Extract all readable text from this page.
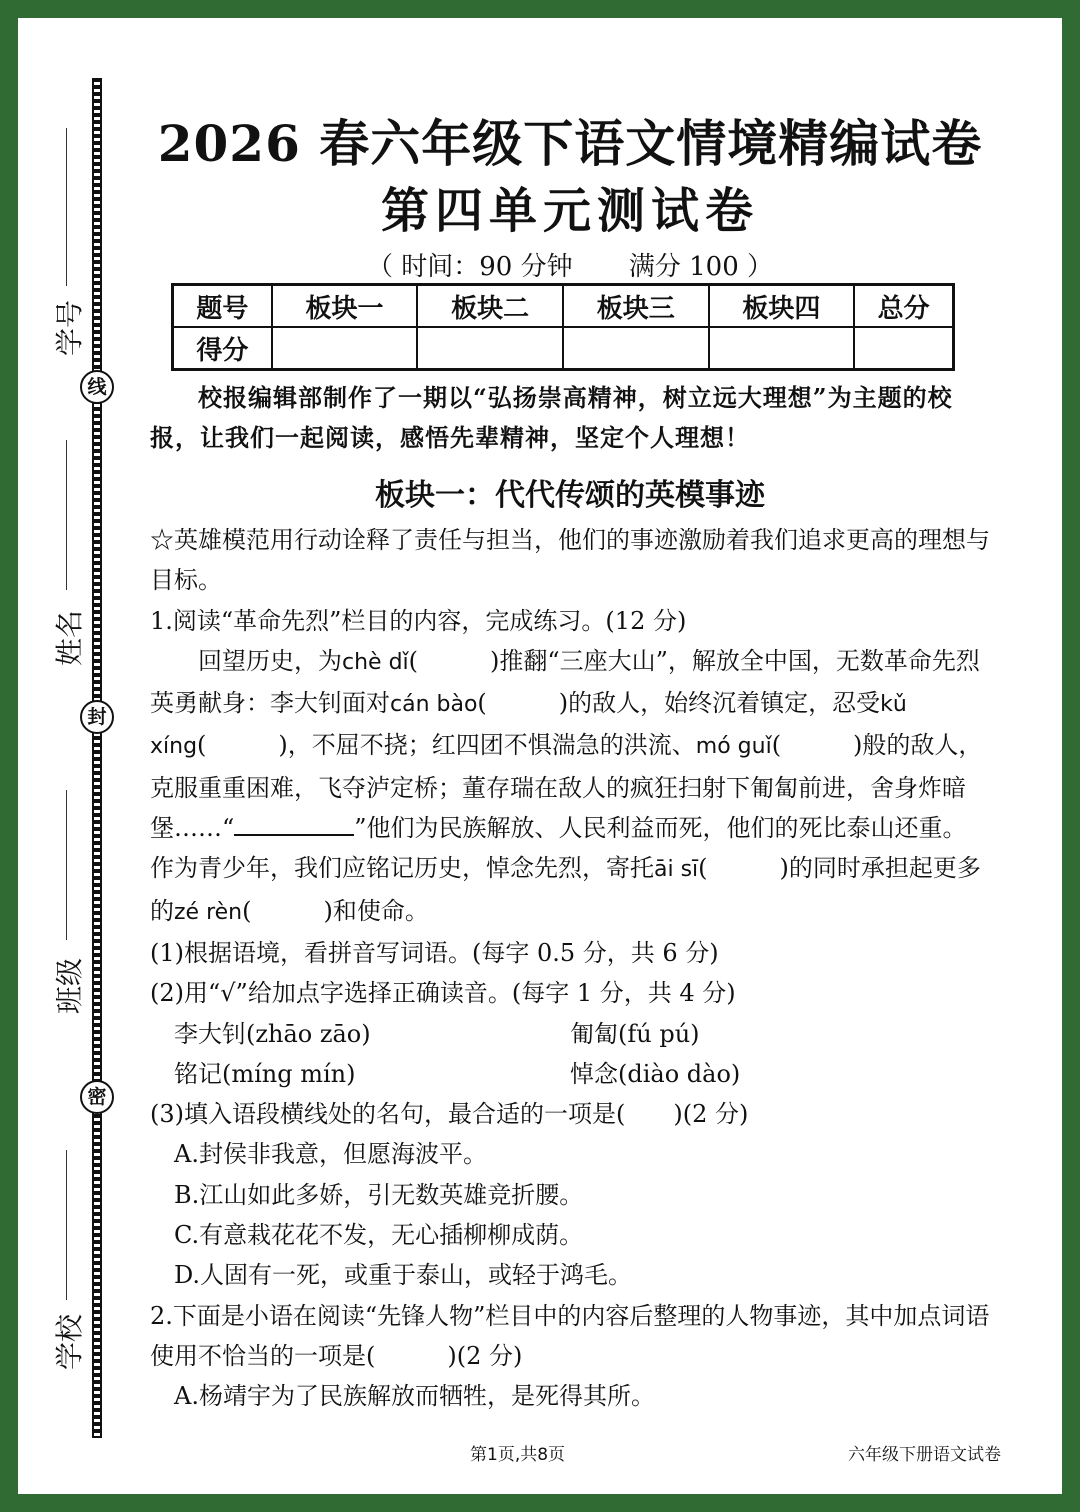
线
封
密
学号
姓名
班级
学校
2026 春六年级下语文情境精编试卷
第四单元测试卷
（ 时间：90 分钟 满分 100 ）
题号	板块一	板块二	板块三	板块四	总分
得分					
校报编辑部制作了一期以“弘扬崇高精神，树立远大理想”为主题的校报，让我们一起阅读，感悟先辈精神，坚定个人理想！
板块一：代代传颂的英模事迹

☆英雄模范用行动诠释了责任与担当，他们的事迹激励着我们追求更高的理想与目标。

1.阅读“革命先烈”栏目的内容，完成练习。(12 分)

回望历史，为chè dǐ(　　　)推翻“三座大山”，解放全中国，无数革命先烈英勇献身：李大钊面对cán bào(　　　)的敌人，始终沉着镇定，忍受kǔ xíng(　　　)，不屈不挠；红四团不惧湍急的洪流、mó guǐ(　　　)般的敌人，克服重重困难，飞夺泸定桥；董存瑞在敌人的疯狂扫射下匍匐前进，舍身炸暗堡……“	”他们为民族解放、人民利益而死，他们的死比泰山还重。作为青少年，我们应铭记历史，悼念先烈，寄托āi sī(　　　)的同时承担起更多的zé rèn(　　　)和使命。

(1)根据语境，看拼音写词语。(每字 0.5 分，共 6 分)

(2)用“√”给加点字选择正确读音。(每字 1 分，共 4 分)

李大钊(zhāo zāo)	匍匐(fú pú)

铭记(míng mín)	悼念(diào dào)

(3)填入语段横线处的名句，最合适的一项是(　　)(2 分)

A.封侯非我意，但愿海波平。

B.江山如此多娇，引无数英雄竞折腰。

C.有意栽花花不发，无心插柳柳成荫。

D.人固有一死，或重于泰山，或轻于鸿毛。

2.下面是小语在阅读“先锋人物”栏目中的内容后整理的人物事迹，其中加点词语使用不恰当的一项是(　　　)(2 分)

A.杨靖宇为了民族解放而牺牲，是死得其所。

第1页,共8页	六年级下册语文试卷
